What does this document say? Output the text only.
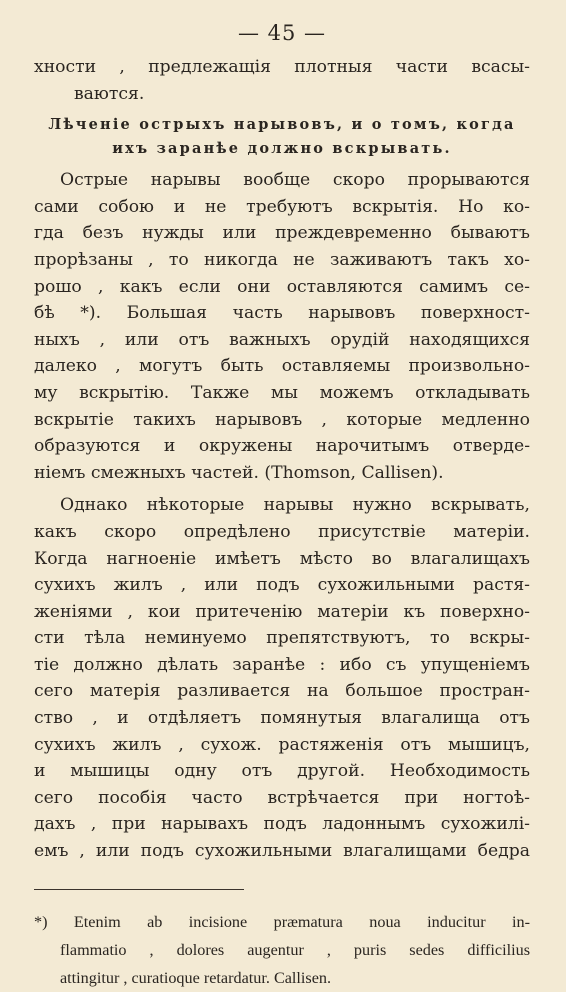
— 45 —
хности , предлежащія плотныя части всасы-
ваются.
Лѣченіе острыхъ нарывовъ, и о томъ, когда
ихъ заранѣе должно вскрывать.
Острые нарывы вообще скоро прорываются
сами собою и не требуютъ вскрытія. Но ко-
гда безъ нужды или преждевременно бываютъ
прорѣзаны , то никогда не заживаютъ такъ хо-
рошо , какъ если они оставляются самимъ се-
бѣ *). Большая часть нарывовъ поверхност-
ныхъ , или отъ важныхъ орудій находящихся
далеко , могутъ быть оставляемы произвольно-
му вскрытію. Также мы можемъ откладывать
вскрытіе такихъ нарывовъ , которые медленно
образуются и окружены нарочитымъ отверде-
ніемъ смежныхъ частей. (Thomson, Callisen).
Однако нѣкоторые нарывы нужно вскрывать,
какъ скоро опредѣлено присутствіе матеріи.
Когда нагноеніе имѣетъ мѣсто во влагалищахъ
сухихъ жилъ , или подъ сухожильными растя-
женіями , кои притеченію матеріи къ поверхно-
сти тѣла неминуемо препятствуютъ, то вскры-
тіе должно дѣлать заранѣе : ибо съ упущеніемъ
сего матерія разливается на большое простран-
ство , и отдѣляетъ помянутыя влагалища отъ
сухихъ жилъ , сухож. растяженія отъ мышицъ,
и мышицы одну отъ другой. Необходимость
сего пособія часто встрѣчается при ногтоѣ-
дахъ , при нарывахъ подъ ладоннымъ сухожилі-
емъ , или подъ сухожильными влагалищами бедра
*) Etenim ab incisione præmatura noua inducitur in-
flammatio , dolores augentur , puris sedes difficilius
attingitur , curatioque retardatur. Callisen.
